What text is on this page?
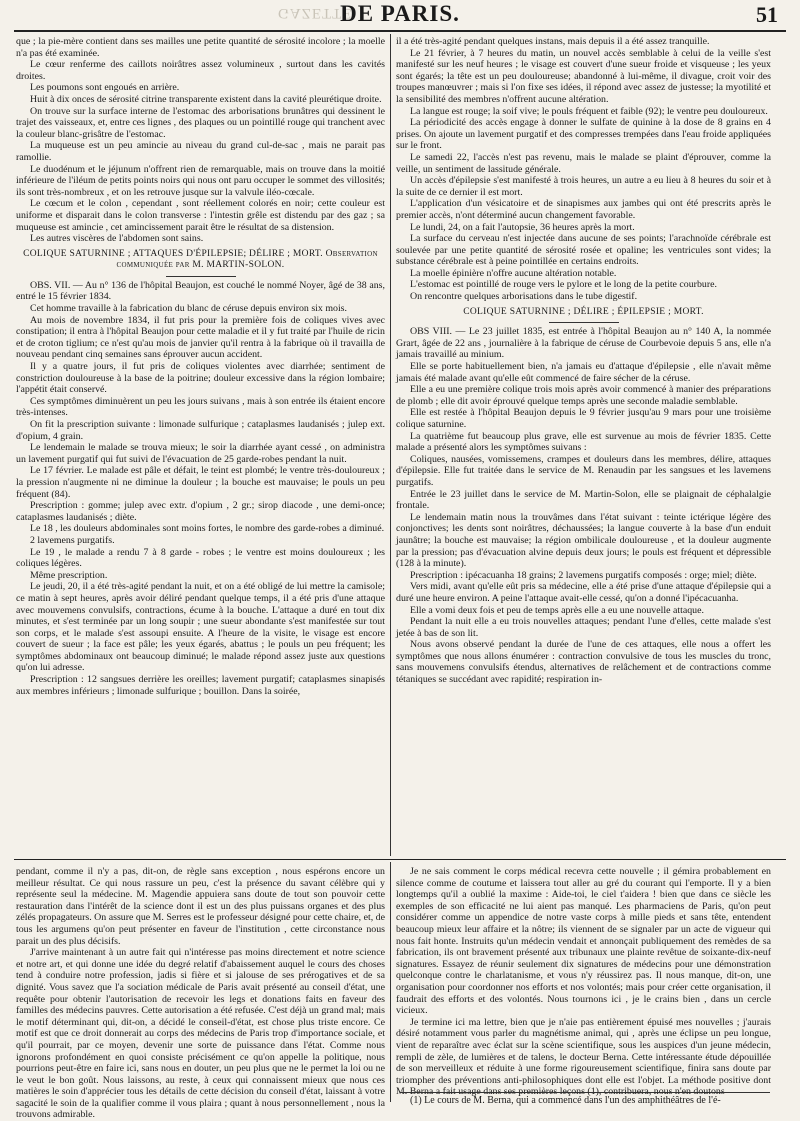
GAZETTE
DE PARIS.	51

que ; la pie-mère contient dans ses mailles une petite quantité de sérosité incolore ; la moelle n'a pas été examinée.

Le cœur renferme des caillots noirâtres assez volumineux , surtout dans les cavités droites.

Les poumons sont engoués en arrière.

Huit à dix onces de sérosité citrine transparente existent dans la cavité pleurétique droite.

On trouve sur la surface interne de l'estomac des arborisations brunâtres qui dessinent le trajet des vaisseaux, et, entre ces lignes , des plaques ou un pointillé rouge qui tranchent avec la couleur blanc-grisâtre de l'estomac.

La muqueuse est un peu amincie au niveau du grand cul-de-sac , mais ne parait pas ramollie.

Le duodénum et le jéjunum n'offrent rien de remarquable, mais on trouve dans la moitié inférieure de l'iléum de petits points noirs qui nous ont paru occuper le sommet des villosités; ils sont très-nombreux , et on les retrouve jusque sur la valvule iléo-cœcale.

Le cœcum et le colon , cependant , sont réellement colorés en noir; cette couleur est uniforme et disparait dans le colon transverse : l'intestin grêle est distendu par des gaz ; sa muqueuse est amincie , cet amincissement parait être le résultat de sa distension.

Les autres viscères de l'abdomen sont sains.

COLIQUE SATURNINE ; ATTAQUES D'ÉPILEPSIE; DÉLIRE ; MORT. Observation communiquée par M. MARTIN-SOLON.

OBS. VII. — Au n° 136 de l'hôpital Beaujon, est couché le nommé Noyer, âgé de 38 ans, entré le 15 février 1834.

Cet homme travaille à la fabrication du blanc de céruse depuis environ six mois.

Au mois de novembre 1834, il fut pris pour la première fois de coliques vives avec constipation; il entra à l'hôpital Beaujon pour cette maladie et il y fut traité par l'huile de ricin et de croton tiglium; ce n'est qu'au mois de janvier qu'il rentra à la fabrique où il travailla de nouveau pendant cinq semaines sans éprouver aucun accident.

Il y a quatre jours, il fut pris de coliques violentes avec diarrhée; sentiment de constriction douloureuse à la base de la poitrine; douleur excessive dans la région lombaire; l'appétit était conservé.

Ces symptômes diminuèrent un peu les jours suivans , mais à son entrée ils étaient encore très-intenses.

On fit la prescription suivante : limonade sulfurique ; cataplasmes laudanisés ; julep ext. d'opium, 4 grain.

Le lendemain le malade se trouva mieux; le soir la diarrhée ayant cessé , on administra un lavement purgatif qui fut suivi de l'évacuation de 25 garde-robes pendant la nuit.

Le 17 février. Le malade est pâle et défait, le teint est plombé; le ventre très-douloureux ; la pression n'augmente ni ne diminue la douleur ; la bouche est mauvaise; le pouls un peu fréquent (84).

Prescription : gomme; julep avec extr. d'opium , 2 gr.; sirop diacode , une demi-once; cataplasmes laudanisés ; diète.

Le 18 , les douleurs abdominales sont moins fortes, le nombre des garde-robes a diminué.

2 lavemens purgatifs.

Le 19 , le malade a rendu 7 à 8 garde - robes ; le ventre est moins douloureux ; les coliques légères.

Même prescription.

Le jeudi, 20, il a été très-agité pendant la nuit, et on a été obligé de lui mettre la camisole; ce matin à sept heures, après avoir déliré pendant quelque temps, il a été pris d'une attaque avec mouvemens convulsifs, contractions, écume à la bouche. L'attaque a duré en tout dix minutes, et s'est terminée par un long soupir ; une sueur abondante s'est manifestée sur tout son corps, et le malade s'est assoupi ensuite. A l'heure de la visite, le visage est encore couvert de sueur ; la face est pâle; les yeux égarés, abattus ; le pouls un peu fréquent; les symptômes abdominaux ont beaucoup diminué; le malade répond assez juste aux questions qu'on lui adresse.

Prescription : 12 sangsues derrière les oreilles; lavement purgatif; cataplasmes sinapisés aux membres inférieurs ; limonade sulfurique ; bouillon. Dans la soirée,

il a été très-agité pendant quelques instans, mais depuis il a été assez tranquille.

Le 21 février, à 7 heures du matin, un nouvel accès semblable à celui de la veille s'est manifesté sur les neuf heures ; le visage est couvert d'une sueur froide et visqueuse ; les yeux sont égarés; la tête est un peu douloureuse; abandonné à lui-même, il divague, croit voir des troupes manœuvrer ; mais si l'on fixe ses idées, il répond avec assez de justesse; la myotilité et la sensibilité des membres n'offrent aucune altération.

La langue est rouge; la soif vive; le pouls fréquent et faible (92); le ventre peu douloureux.

La périodicité des accès engage à donner le sulfate de quinine à la dose de 8 grains en 4 prises. On ajoute un lavement purgatif et des compresses trempées dans l'eau froide appliquées sur le front.

Le samedi 22, l'accès n'est pas revenu, mais le malade se plaint d'éprouver, comme la veille, un sentiment de lassitude générale.

Un accès d'épilepsie s'est manifesté à trois heures, un autre a eu lieu à 8 heures du soir et à la suite de ce dernier il est mort.

L'application d'un vésicatoire et de sinapismes aux jambes qui ont été prescrits après le premier accès, n'ont déterminé aucun changement favorable.

Le lundi, 24, on a fait l'autopsie, 36 heures après la mort.

La surface du cerveau n'est injectée dans aucune de ses points; l'arachnoïde cérébrale est soulevée par une petite quantité de sérosité rosée et opaline; les ventricules sont vides; la substance cérébrale est à peine pointillée en certains endroits.

La moelle épinière n'offre aucune altération notable.

L'estomac est pointillé de rouge vers le pylore et le long de la petite courbure.

On rencontre quelques arborisations dans le tube digestif.

COLIQUE SATURNINE ; DÉLIRE ; ÉPILEPSIE ; MORT.

OBS VIII. — Le 23 juillet 1835, est entrée à l'hôpital Beaujon au n° 140 A, la nommée Grart, âgée de 22 ans , journalière à la fabrique de céruse de Courbevoie depuis 5 ans, elle n'a jamais travaillé au minium.

Elle se porte habituellement bien, n'a jamais eu d'attaque d'épilepsie , elle n'avait même jamais été malade avant qu'elle eût commencé de faire sécher de la céruse.

Elle a eu une première colique trois mois après avoir commencé à manier des préparations de plomb ; elle dit avoir éprouvé quelque temps après une seconde maladie semblable.

Elle est restée à l'hôpital Beaujon depuis le 9 février jusqu'au 9 mars pour une troisième colique saturnine.

La quatrième fut beaucoup plus grave, elle est survenue au mois de février 1835. Cette malade a présenté alors les symptômes suivans :

Coliques, nausées, vomissemens, crampes et douleurs dans les membres, délire, attaques d'épilepsie. Elle fut traitée dans le service de M. Renaudin par les sangsues et les lavemens purgatifs.

Entrée le 23 juillet dans le service de M. Martin-Solon, elle se plaignait de céphalalgie frontale.

Le lendemain matin nous la trouvâmes dans l'état suivant : teinte ictérique légère des conjonctives; les dents sont noirâtres, déchaussées; la langue couverte à la base d'un enduit jaunâtre; la bouche est mauvaise; la région ombilicale douloureuse , et la douleur augmente par la pression; pas d'évacuation alvine depuis deux jours; le pouls est fréquent et dépressible (128 à la minute).

Prescription : ipécacuanha 18 grains; 2 lavemens purgatifs composés : orge; miel; diète.

Vers midi, avant qu'elle eût pris sa médecine, elle a été prise d'une attaque d'épilepsie qui a duré une heure environ. A peine l'attaque avait-elle cessé, qu'on a donné l'ipécacuanha.

Elle a vomi deux fois et peu de temps après elle a eu une nouvelle attaque.

Pendant la nuit elle a eu trois nouvelles attaques; pendant l'une d'elles, cette malade s'est jetée à bas de son lit.

Nous avons observé pendant la durée de l'une de ces attaques, elle nous a offert les symptômes que nous allons énumérer : contraction convulsive de tous les muscles du tronc, sans mouvemens convulsifs étendus, alternatives de relâchement et de contractions comme tétaniques se succédant avec rapidité; respiration in-

pendant, comme il n'y a pas, dit-on, de règle sans exception , nous espérons encore un meilleur résultat. Ce qui nous rassure un peu, c'est la présence du savant célèbre qui y représente seul la médecine. M. Magendie appuiera sans doute de tout son pouvoir cette restauration dans l'intérêt de la science dont il est un des plus puissans organes et des plus zélés propagateurs. On assure que M. Serres est le professeur désigné pour cette chaire, et, de tous les argumens qu'on peut présenter en faveur de l'institution , cette circonstance nous parait un des plus décisifs.

J'arrive maintenant à un autre fait qui n'intéresse pas moins directement et notre science et notre art, et qui donne une idée du degré relatif d'abaissement auquel le cours des choses tend à conduire notre profession, jadis si fière et si jalouse de ses prérogatives et de sa dignité. Vous savez que l'a sociation médicale de Paris avait présenté au conseil d'état, une requête pour obtenir l'autorisation de recevoir les legs et donations faits en faveur des familles des médecins pauvres. Cette autorisation a été refusée. C'est déjà un grand mal; mais le motif déterminant qui, dit-on, a décidé le conseil-d'état, est chose plus triste encore. Ce motif est que ce droit donnerait au corps des médecins de Paris trop d'importance sociale, et qu'il pourrait, par ce moyen, devenir une sorte de puissance dans l'état. Comme nous ignorons profondément en quoi consiste précisément ce qu'on appelle la politique, nous pourrions peut-être en faire ici, sans nous en douter, un peu plus que ne le permet la loi ou ne le veut le bon goût. Nous laissons, au reste, à ceux qui connaissent mieux que nous ces matières le soin d'apprécier tous les détails de cette décision du conseil d'état, laissant à votre sagacité le soin de la qualifier comme il vous plaira ; quant à nous personnellement , nous la trouvons admirable.

Je ne sais comment le corps médical recevra cette nouvelle ; il gémira probablement en silence comme de coutume et laissera tout aller au gré du courant qui l'emporte. Il y a bien longtemps qu'il a oublié la maxime : Aide-toi, le ciel t'aidera ! bien que dans ce siècle les exemples de son efficacité ne lui aient pas manqué. Les pharmaciens de Paris, qu'on peut considérer comme un appendice de notre vaste corps à mille pieds et sans tête, entendent beaucoup mieux leur affaire et la nôtre; ils viennent de se signaler par un acte de vigueur qui nous fait honte. Instruits qu'un médecin vendait et annonçait publiquement des remèdes de sa fabrication, ils ont bravement présenté aux tribunaux une plainte revêtue de soixante-dix-neuf signatures. Essayez de réunir seulement dix signatures de médecins pour une démonstration quelconque contre le charlatanisme, et vous n'y réussirez pas. Il nous manque, dit-on, une organisation pour coordonner nos efforts et nos volontés; mais pour créer cette organisation, il faudrait des efforts et des volontés. Nous tournons ici , je le crains bien , dans un cercle vicieux.

Je termine ici ma lettre, bien que je n'aie pas entièrement épuisé mes nouvelles ; j'aurais désiré notamment vous parler du magnétisme animal, qui , après une éclipse un peu longue, vient de reparaître avec éclat sur la scène scientifique, sous les auspices d'un jeune médecin, rempli de zèle, de lumières et de talens, le docteur Berna. Cette intéressante étude dépouillée de son merveilleux et réduite à une forme rigoureusement scientifique, finira sans doute par triompher des préventions anti-philosophiques dont elle est l'objet. La méthode positive dont M. Berna a fait usage dans ses premières leçons (1), contribuera, nous n'en doutons

(1) Le cours de M. Berna, qui a commencé dans l'un des amphithéâtres de l'é-
